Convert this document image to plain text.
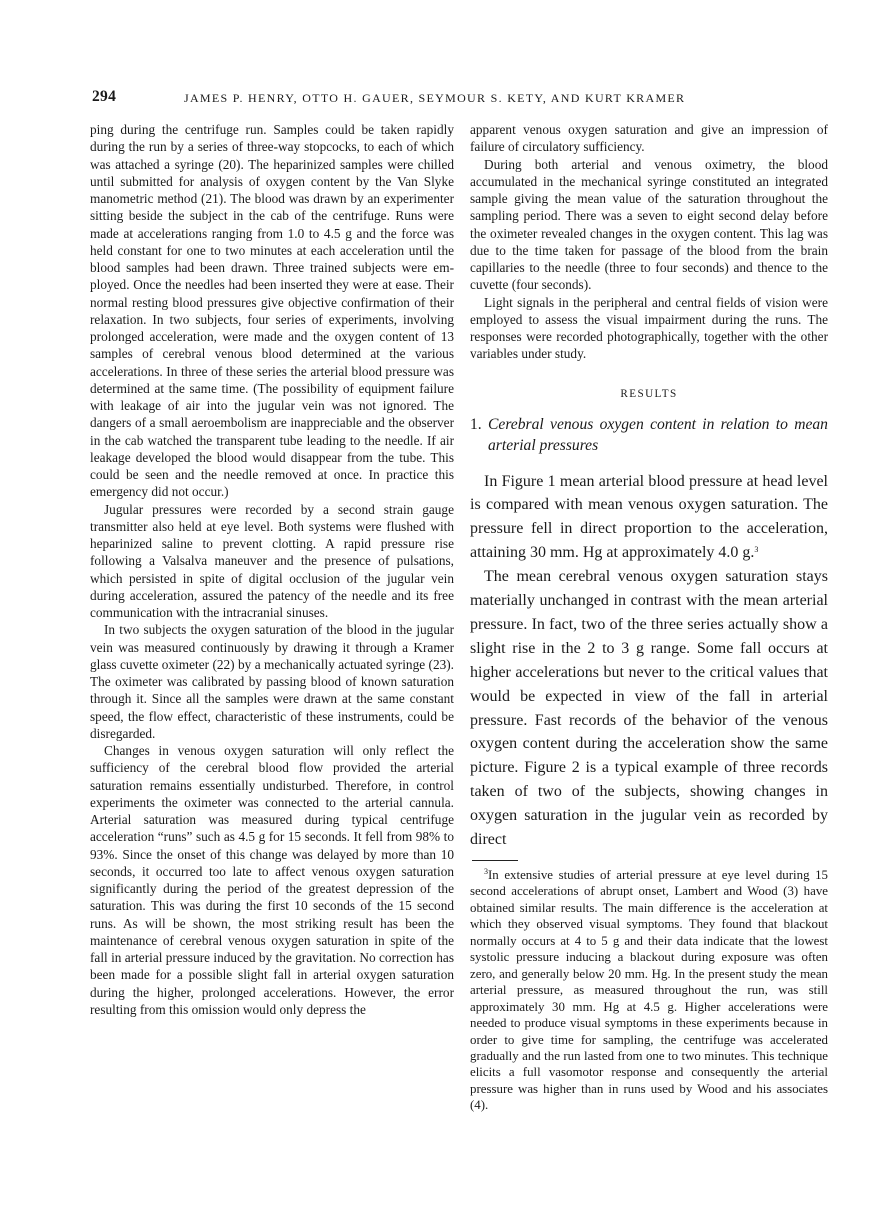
294	JAMES P. HENRY, OTTO H. GAUER, SEYMOUR S. KETY, AND KURT KRAMER

ping during the centrifuge run. Samples could be taken rapidly during the run by a series of three-way stopcocks, to each of which was attached a syringe (20). The heparinized samples were chilled until submitted for analysis of oxygen content by the Van Slyke manometric method (21). The blood was drawn by an experimenter sitting beside the subject in the cab of the centrifuge. Runs were made at accelerations ranging from 1.0 to 4.5 g and the force was held constant for one to two minutes at each acceleration until the blood samples had been drawn. Three trained subjects were employed. Once the needles had been inserted they were at ease. Their normal resting blood pressures give objective confirmation of their relaxation. In two subjects, four series of experiments, involving prolonged acceleration, were made and the oxygen content of 13 samples of cerebral venous blood determined at the various accelerations. In three of these series the arterial blood pressure was determined at the same time. (The possibility of equipment failure with leakage of air into the jugular vein was not ignored. The dangers of a small aeroembolism are inappreciable and the observer in the cab watched the transparent tube leading to the needle. If air leakage developed the blood would disappear from the tube. This could be seen and the needle removed at once. In practice this emergency did not occur.)

Jugular pressures were recorded by a second strain gauge transmitter also held at eye level. Both systems were flushed with heparinized saline to prevent clotting. A rapid pressure rise following a Valsalva maneuver and the presence of pulsations, which persisted in spite of digital occlusion of the jugular vein during acceleration, assured the patency of the needle and its free communication with the intracranial sinuses.

In two subjects the oxygen saturation of the blood in the jugular vein was measured continuously by drawing it through a Kramer glass cuvette oximeter (22) by a mechanically actuated syringe (23). The oximeter was calibrated by passing blood of known saturation through it. Since all the samples were drawn at the same constant speed, the flow effect, characteristic of these instruments, could be disregarded.

Changes in venous oxygen saturation will only reflect the sufficiency of the cerebral blood flow provided the arterial saturation remains essentially undisturbed. Therefore, in control experiments the oximeter was connected to the arterial cannula. Arterial saturation was measured during typical centrifuge acceleration “runs” such as 4.5 g for 15 seconds. It fell from 98% to 93%. Since the onset of this change was delayed by more than 10 seconds, it occurred too late to affect venous oxygen saturation significantly during the period of the greatest depression of the saturation. This was during the first 10 seconds of the 15 second runs. As will be shown, the most striking result has been the maintenance of cerebral venous oxygen saturation in spite of the fall in arterial pressure induced by the gravitation. No correction has been made for a possible slight fall in arterial oxygen saturation during the higher, prolonged accelerations. However, the error resulting from this omission would only depress the

apparent venous oxygen saturation and give an impression of failure of circulatory sufficiency.

During both arterial and venous oximetry, the blood accumulated in the mechanical syringe constituted an integrated sample giving the mean value of the saturation throughout the sampling period. There was a seven to eight second delay before the oximeter revealed changes in the oxygen content. This lag was due to the time taken for passage of the blood from the brain capillaries to the needle (three to four seconds) and thence to the cuvette (four seconds).

Light signals in the peripheral and central fields of vision were employed to assess the visual impairment during the runs. The responses were recorded photographically, together with the other variables under study.

RESULTS
1. Cerebral venous oxygen content in relation to mean arterial pressures

In Figure 1 mean arterial blood pressure at head level is compared with mean venous oxygen saturation. The pressure fell in direct proportion to the acceleration, attaining 30 mm. Hg at approximately 4.0 g.$^3$

The mean cerebral venous oxygen saturation stays materially unchanged in contrast with the mean arterial pressure. In fact, two of the three series actually show a slight rise in the 2 to 3 g range. Some fall occurs at higher accelerations but never to the critical values that would be expected in view of the fall in arterial pressure. Fast records of the behavior of the venous oxygen content during the acceleration show the same picture. Figure 2 is a typical example of three records taken of two of the subjects, showing changes in oxygen saturation in the jugular vein as recorded by direct

$^3$In extensive studies of arterial pressure at eye level during 15 second accelerations of abrupt onset, Lambert and Wood (3) have obtained similar results. The main difference is the acceleration at which they observed visual symptoms. They found that blackout normally occurs at 4 to 5 g and their data indicate that the lowest systolic pressure inducing a blackout during exposure was often zero, and generally below 20 mm. Hg. In the present study the mean arterial pressure, as measured throughout the run, was still approximately 30 mm. Hg at 4.5 g. Higher accelerations were needed to produce visual symptoms in these experiments because in order to give time for sampling, the centrifuge was accelerated gradually and the run lasted from one to two minutes. This technique elicits a full vasomotor response and consequently the arterial pressure was higher than in runs used by Wood and his associates (4).
